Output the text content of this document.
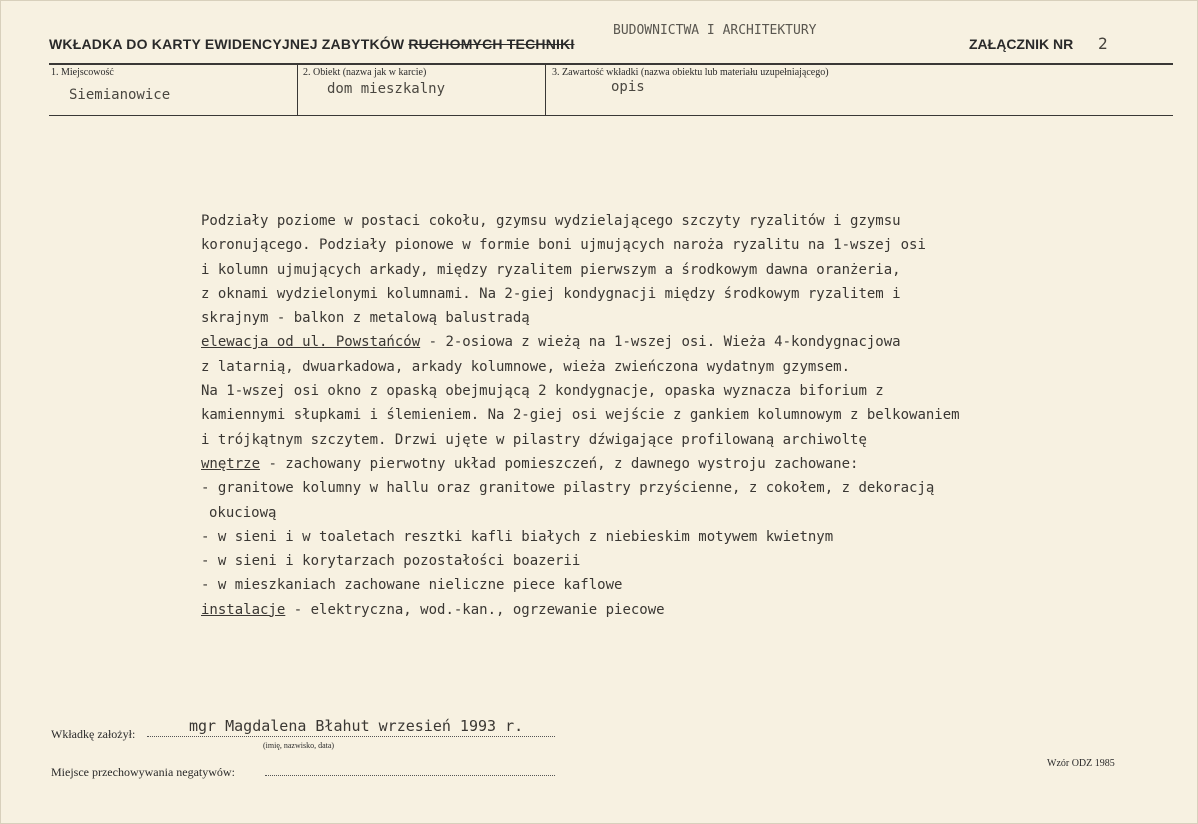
WKŁADKA DO KARTY EWIDENCYJNEJ ZABYTKÓW RUCHOMYCH TECHNIKI
BUDOWNICTWA I ARCHITEKTURY
ZAŁĄCZNIK NR 2
1. Miejscowość
Siemianowice
2. Obiekt (nazwa jak w karcie)
dom mieszkalny
3. Zawartość wkładki (nazwa obiektu lub materiału uzupełniającego)
opis
Podziały poziome w postaci cokołu, gzymsu wydzielającego szczyty ryzalitów i gzymsu
koronującego. Podziały pionowe w formie boni ujmujących naroża ryzalitu na 1-wszej osi
i kolumn ujmujących arkady, między ryzalitem pierwszym a środkowym dawna oranżeria,
z oknami wydzielonymi kolumnami. Na 2-giej kondygnacji między środkowym ryzalitem i
skrajnym - balkon z metalową balustradą
elewacja od ul. Powstańców - 2-osiowa z wieżą na 1-wszej osi. Wieża 4-kondygnacjowa
z latarnią, dwuarkadowa, arkady kolumnowe, wieża zwieńczona wydatnym gzymsem.
Na 1-wszej osi okno z opaską obejmującą 2 kondygnacje, opaska wyznacza biforium z
kamiennymi słupkami i ślemieniem. Na 2-giej osi wejście z gankiem kolumnowym z belkowaniem
i trójkątnym szczytem. Drzwi ujęte w pilastry dźwigające profilowaną archiwoltę
wnętrze - zachowany pierwotny układ pomieszczeń, z dawnego wystroju zachowane:
- granitowe kolumny w hallu oraz granitowe pilastry przyścienne, z cokołem, z dekoracją
okuciową
- w sieni i w toaletach resztki kafli białych z niebieskim motywem kwietnym
- w sieni i korytarzach pozostałości boazerii
- w mieszkaniach zachowane nieliczne piece kaflowe
instalacje - elektryczna, wod.-kan., ogrzewanie piecowe
Wkładkę założył:	mgr Magdalena Błahut wrzesień 1993 r.
(imię, nazwisko, data)
Miejsce przechowywania negatywów:
Wzór ODZ 1985
